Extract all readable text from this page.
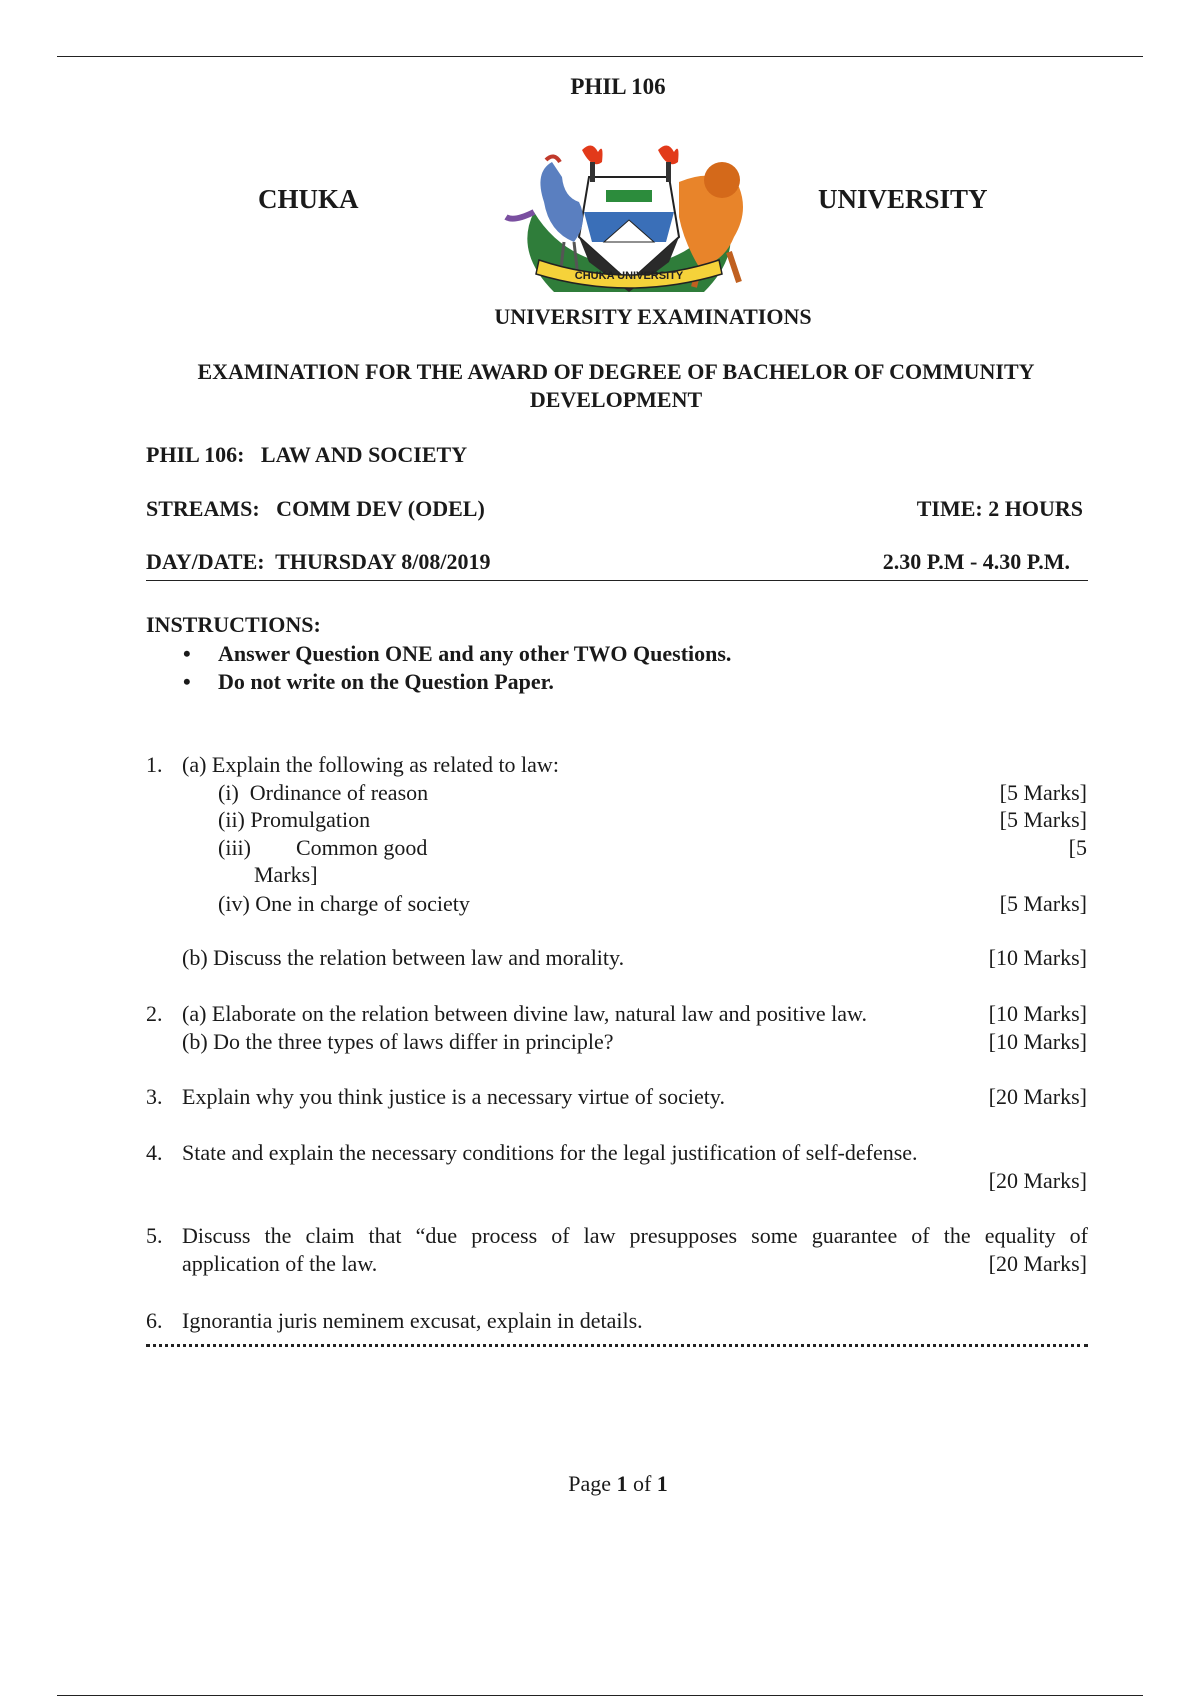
PHIL 106
CHUKA	UNIVERSITY
CHUKA UNIVERSITY
UNIVERSITY EXAMINATIONS
EXAMINATION FOR THE AWARD OF DEGREE OF BACHELOR OF COMMUNITY DEVELOPMENT
PHIL 106:   LAW AND SOCIETY
STREAMS:   COMM DEV (ODEL)	TIME: 2 HOURS
DAY/DATE:  THURSDAY 8/08/2019	2.30 P.M - 4.30 P.M.
INSTRUCTIONS:
• Answer Question ONE and any other TWO Questions.
• Do not write on the Question Paper.
1. (a) Explain the following as related to law:
(i)  Ordinance of reason	[5 Marks]
(ii) Promulgation	[5 Marks]
(iii) Common good	[5
Marks]
(iv) One in charge of society	[5 Marks]
(b) Discuss the relation between law and morality.	[10 Marks]
2. (a) Elaborate on the relation between divine law, natural law and positive law.	[10 Marks]
(b) Do the three types of laws differ in principle?	[10 Marks]
3. Explain why you think justice is a necessary virtue of society.	[20 Marks]
4. State and explain the necessary conditions for the legal justification of self-defense.
[20 Marks]
5. Discuss the claim that “due process of law presupposes some guarantee of the equality of
application of the law.	[20 Marks]
6. Ignorantia juris neminem excusat, explain in details.
Page 1 of 1
